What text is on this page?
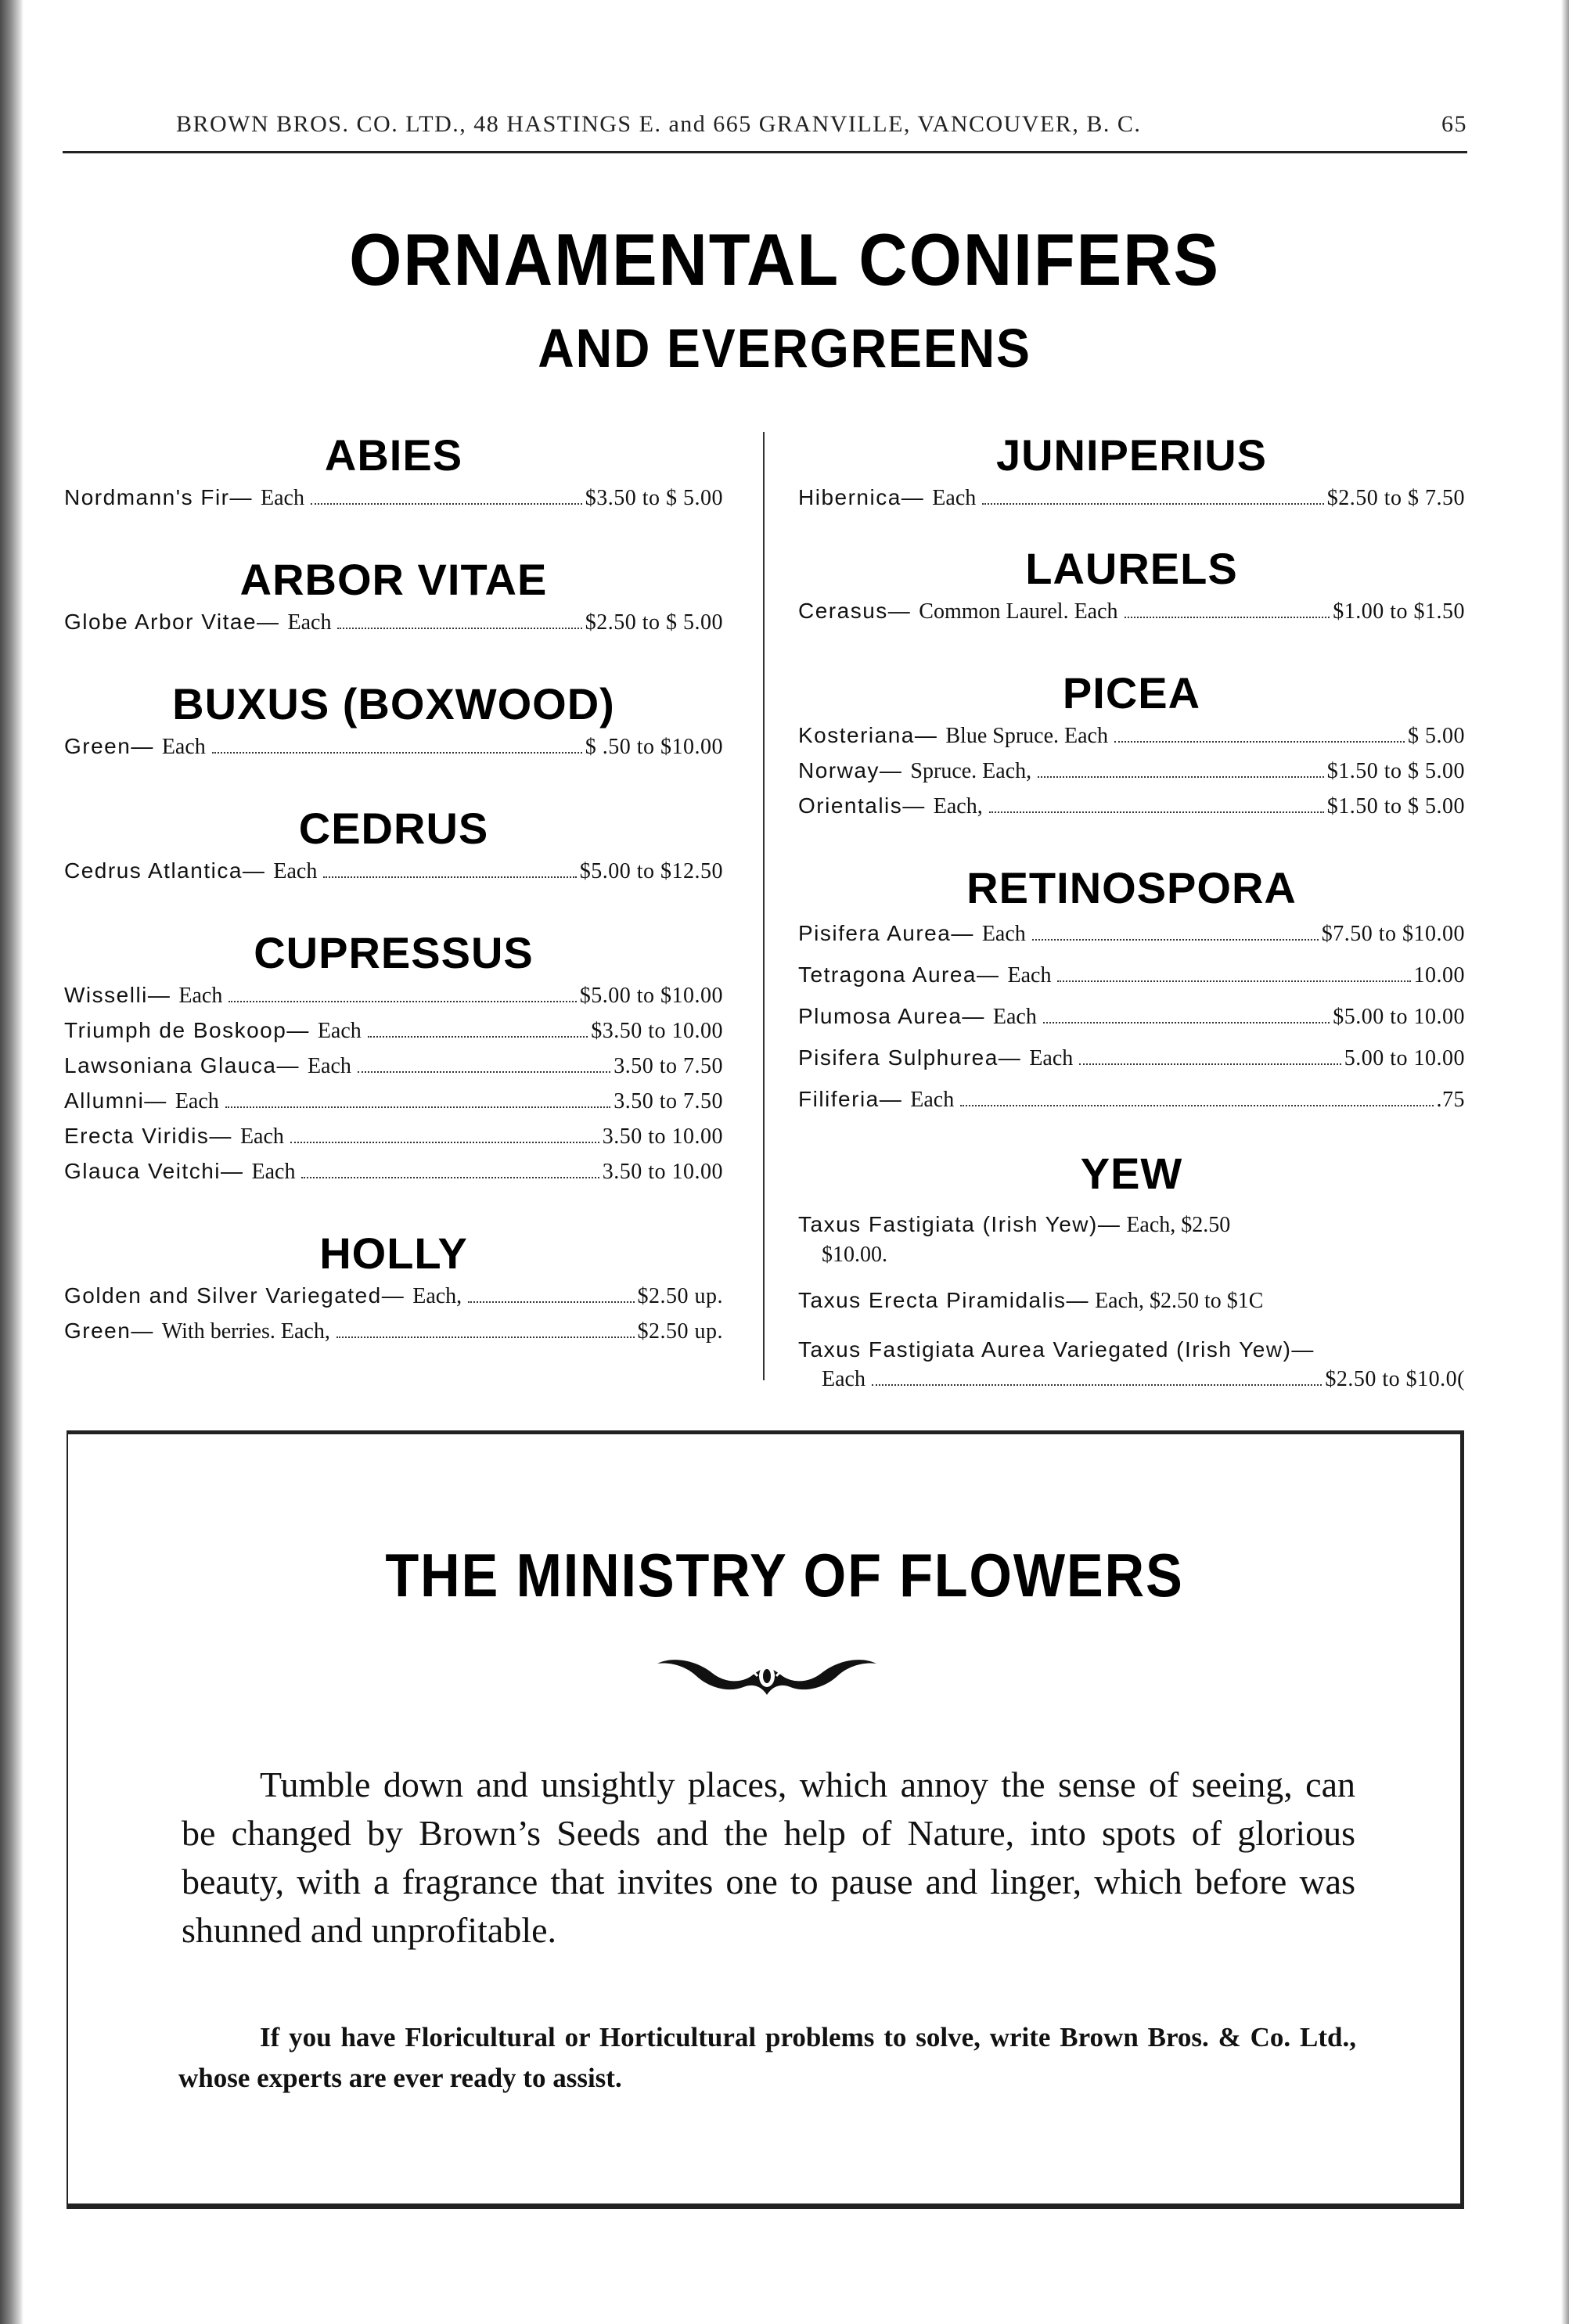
BROWN BROS. CO. LTD., 48 HASTINGS E. and 665 GRANVILLE, VANCOUVER, B. C.	65
ORNAMENTAL CONIFERS
AND EVERGREENS
ABIES
Nordmann's Fir— Each	$3.50 to $ 5.00
ARBOR VITAE
Globe Arbor Vitae— Each	$2.50 to $ 5.00
BUXUS (BOXWOOD)
Green— Each	$ .50 to $10.00
CEDRUS
Cedrus Atlantica— Each	$5.00 to $12.50
CUPRESSUS
Wisselli— Each	$5.00 to $10.00
Triumph de Boskoop— Each	$3.50 to 10.00
Lawsoniana Glauca— Each	3.50 to 7.50
Allumni— Each	3.50 to 7.50
Erecta Viridis— Each	3.50 to 10.00
Glauca Veitchi— Each	3.50 to 10.00
HOLLY
Golden and Silver Variegated— Each,	$2.50 up.
Green— With berries. Each,	$2.50 up.
JUNIPERIUS
Hibernica— Each	$2.50 to $ 7.50
LAURELS
Cerasus— Common Laurel. Each	$1.00 to $1.50
PICEA
Kosteriana— Blue Spruce. Each	$ 5.00
Norway— Spruce. Each,	$1.50 to $ 5.00
Orientalis— Each,	$1.50 to $ 5.00
RETINOSPORA
Pisifera Aurea— Each	$7.50 to $10.00
Tetragona Aurea— Each	10.00
Plumosa Aurea— Each	$5.00 to 10.00
Pisifera Sulphurea— Each	5.00 to 10.00
Filiferia— Each	.75
YEW
Taxus Fastigiata (Irish Yew)— Each, $2.50
$10.00.
Taxus Erecta Piramidalis— Each, $2.50 to $1C
Taxus Fastigiata Aurea Variegated (Irish Yew)—
Each	$2.50 to $10.0(
THE MINISTRY OF FLOWERS
Tumble down and unsightly places, which annoy the sense of seeing, can be changed by Brown’s Seeds and the help of Nature, into spots of glorious beauty, with a fragrance that invites one to pause and linger, which before was shunned and unprofitable.
If you have Floricultural or Horticultural problems to solve, write Brown Bros. & Co. Ltd., whose experts are ever ready to assist.
